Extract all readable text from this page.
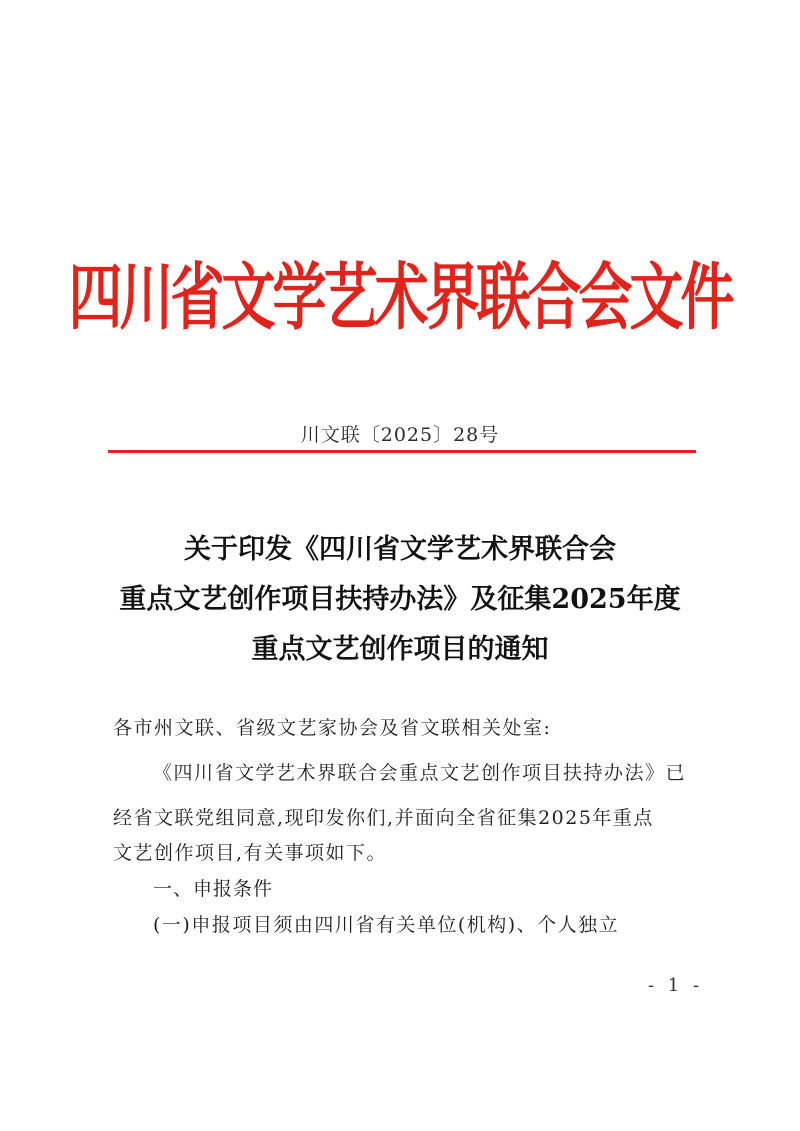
四川省文学艺术界联合会文件
川文联〔2025〕28号
关于印发《四川省文学艺术界联合会
重点文艺创作项目扶持办法》及征集2025年度
重点文艺创作项目的通知
各市州文联、省级文艺家协会及省文联相关处室:
《四川省文学艺术界联合会重点文艺创作项目扶持办法》已
经省文联党组同意,现印发你们,并面向全省征集2025年重点
文艺创作项目,有关事项如下。
一、申报条件
(一)申报项目须由四川省有关单位(机构)、个人独立
- 1 -
